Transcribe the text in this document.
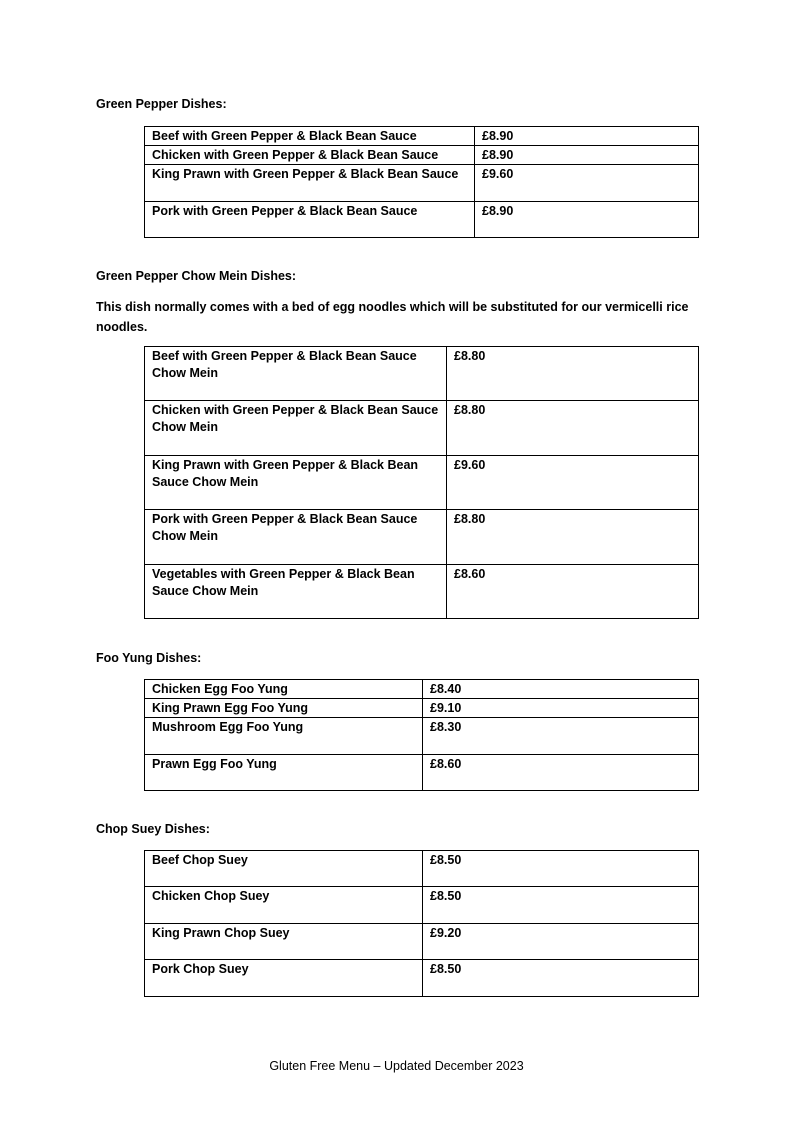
Green Pepper Dishes:

Beef with Green Pepper & Black Bean Sauce	£8.90
Chicken with Green Pepper & Black Bean Sauce	£8.90
King Prawn with Green Pepper & Black Bean Sauce	£9.60
Pork with Green Pepper & Black Bean Sauce	£8.90

Green Pepper Chow Mein Dishes:

This dish normally comes with a bed of egg noodles which will be substituted for our vermicelli rice noodles.

Beef with Green Pepper & Black Bean Sauce Chow Mein	£8.80
Chicken with Green Pepper & Black Bean Sauce Chow Mein	£8.80
King Prawn with Green Pepper & Black Bean Sauce Chow Mein	£9.60
Pork with Green Pepper & Black Bean Sauce Chow Mein	£8.80
Vegetables with Green Pepper & Black Bean Sauce Chow Mein	£8.60

Foo Yung Dishes:

Chicken Egg Foo Yung	£8.40
King Prawn Egg Foo Yung	£9.10
Mushroom Egg Foo Yung	£8.30
Prawn Egg Foo Yung	£8.60

Chop Suey Dishes:

Beef Chop Suey	£8.50
Chicken Chop Suey	£8.50
King Prawn Chop Suey	£9.20
Pork Chop Suey	£8.50

Gluten Free Menu – Updated December 2023
